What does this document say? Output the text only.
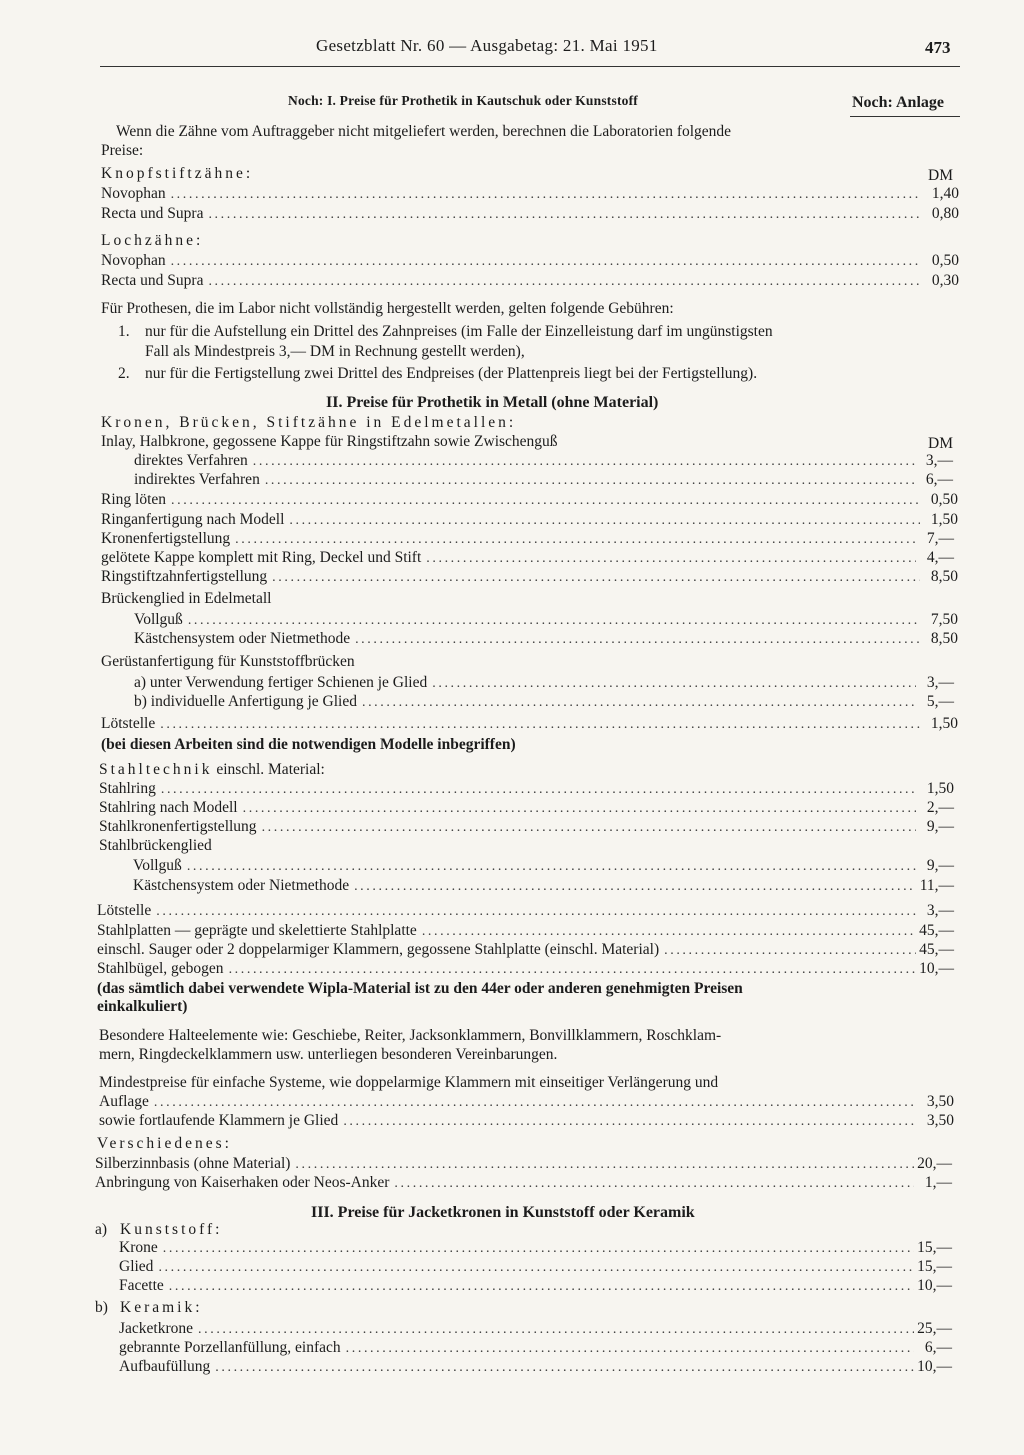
Gesetzblatt Nr. 60 — Ausgabetag: 21. Mai 1951	473
Noch: I. Preise für Prothetik in Kautschuk oder Kunststoff	Noch: Anlage
Wenn die Zähne vom Auftraggeber nicht mitgeliefert werden, berechnen die Laboratorien folgende
Preise:
Knopfstiftzähne:	DM
Novophan .....	1,40
Recta und Supra .....	0,80
Lochzähne:
Novophan .....	0,50
Recta und Supra .....	0,30
Für Prothesen, die im Labor nicht vollständig hergestellt werden, gelten folgende Gebühren:
1. nur für die Aufstellung ein Drittel des Zahnpreises (im Falle der Einzelleistung darf im ungünstigsten
Fall als Mindestpreis 3,— DM in Rechnung gestellt werden),
2. nur für die Fertigstellung zwei Drittel des Endpreises (der Plattenpreis liegt bei der Fertigstellung).
II. Preise für Prothetik in Metall (ohne Material)
Kronen, Brücken, Stiftzähne in Edelmetallen:
Inlay, Halbkrone, gegossene Kappe für Ringstiftzahn sowie Zwischenguß	DM
direktes Verfahren .....	3,—
indirektes Verfahren .....	6,—
Ring löten .....	0,50
Ringanfertigung nach Modell .....	1,50
Kronenfertigstellung .....	7,—
gelötete Kappe komplett mit Ring, Deckel und Stift .....	4,—
Ringstiftzahnfertigstellung .....	8,50
Brückenglied in Edelmetall
Vollguß .....	7,50
Kästchensystem oder Nietmethode .....	8,50
Gerüstanfertigung für Kunststoffbrücken
a) unter Verwendung fertiger Schienen je Glied .....	3,—
b) individuelle Anfertigung je Glied .....	5,—
Lötstelle .....	1,50
(bei diesen Arbeiten sind die notwendigen Modelle inbegriffen)
Stahltechnik einschl. Material:
Stahlring .....	1,50
Stahlring nach Modell .....	2,—
Stahlkronenfertigstellung .....	9,—
Stahlbrückenglied
Vollguß .....	9,—
Kästchensystem oder Nietmethode .....	11,—
Lötstelle .....	3,—
Stahlplatten — geprägte und skelettierte Stahlplatte .....	45,—
einschl. Sauger oder 2 doppelarmiger Klammern, gegossene Stahlplatte (einschl. Material) .....	45,—
Stahlbügel, gebogen .....	10,—
(das sämtlich dabei verwendete Wipla-Material ist zu den 44er oder anderen genehmigten Preisen
einkalkuliert)
Besondere Halteelemente wie: Geschiebe, Reiter, Jacksonklammern, Bonvillklammern, Roschklam-
mern, Ringdeckelklammern usw. unterliegen besonderen Vereinbarungen.
Mindestpreise für einfache Systeme, wie doppelarmige Klammern mit einseitiger Verlängerung und
Auflage .....	3,50
sowie fortlaufende Klammern je Glied .....	3,50
Verschiedenes:
Silberzinnbasis (ohne Material) .....	20,—
Anbringung von Kaiserhaken oder Neos-Anker .....	1,—
III. Preise für Jacketkronen in Kunststoff oder Keramik
a) Kunststoff:
Krone .....	15,—
Glied .....	15,—
Facette .....	10,—
b) Keramik:
Jacketkrone .....	25,—
gebrannte Porzellanfüllung, einfach .....	6,—
Aufbaufüllung .....	10,—
